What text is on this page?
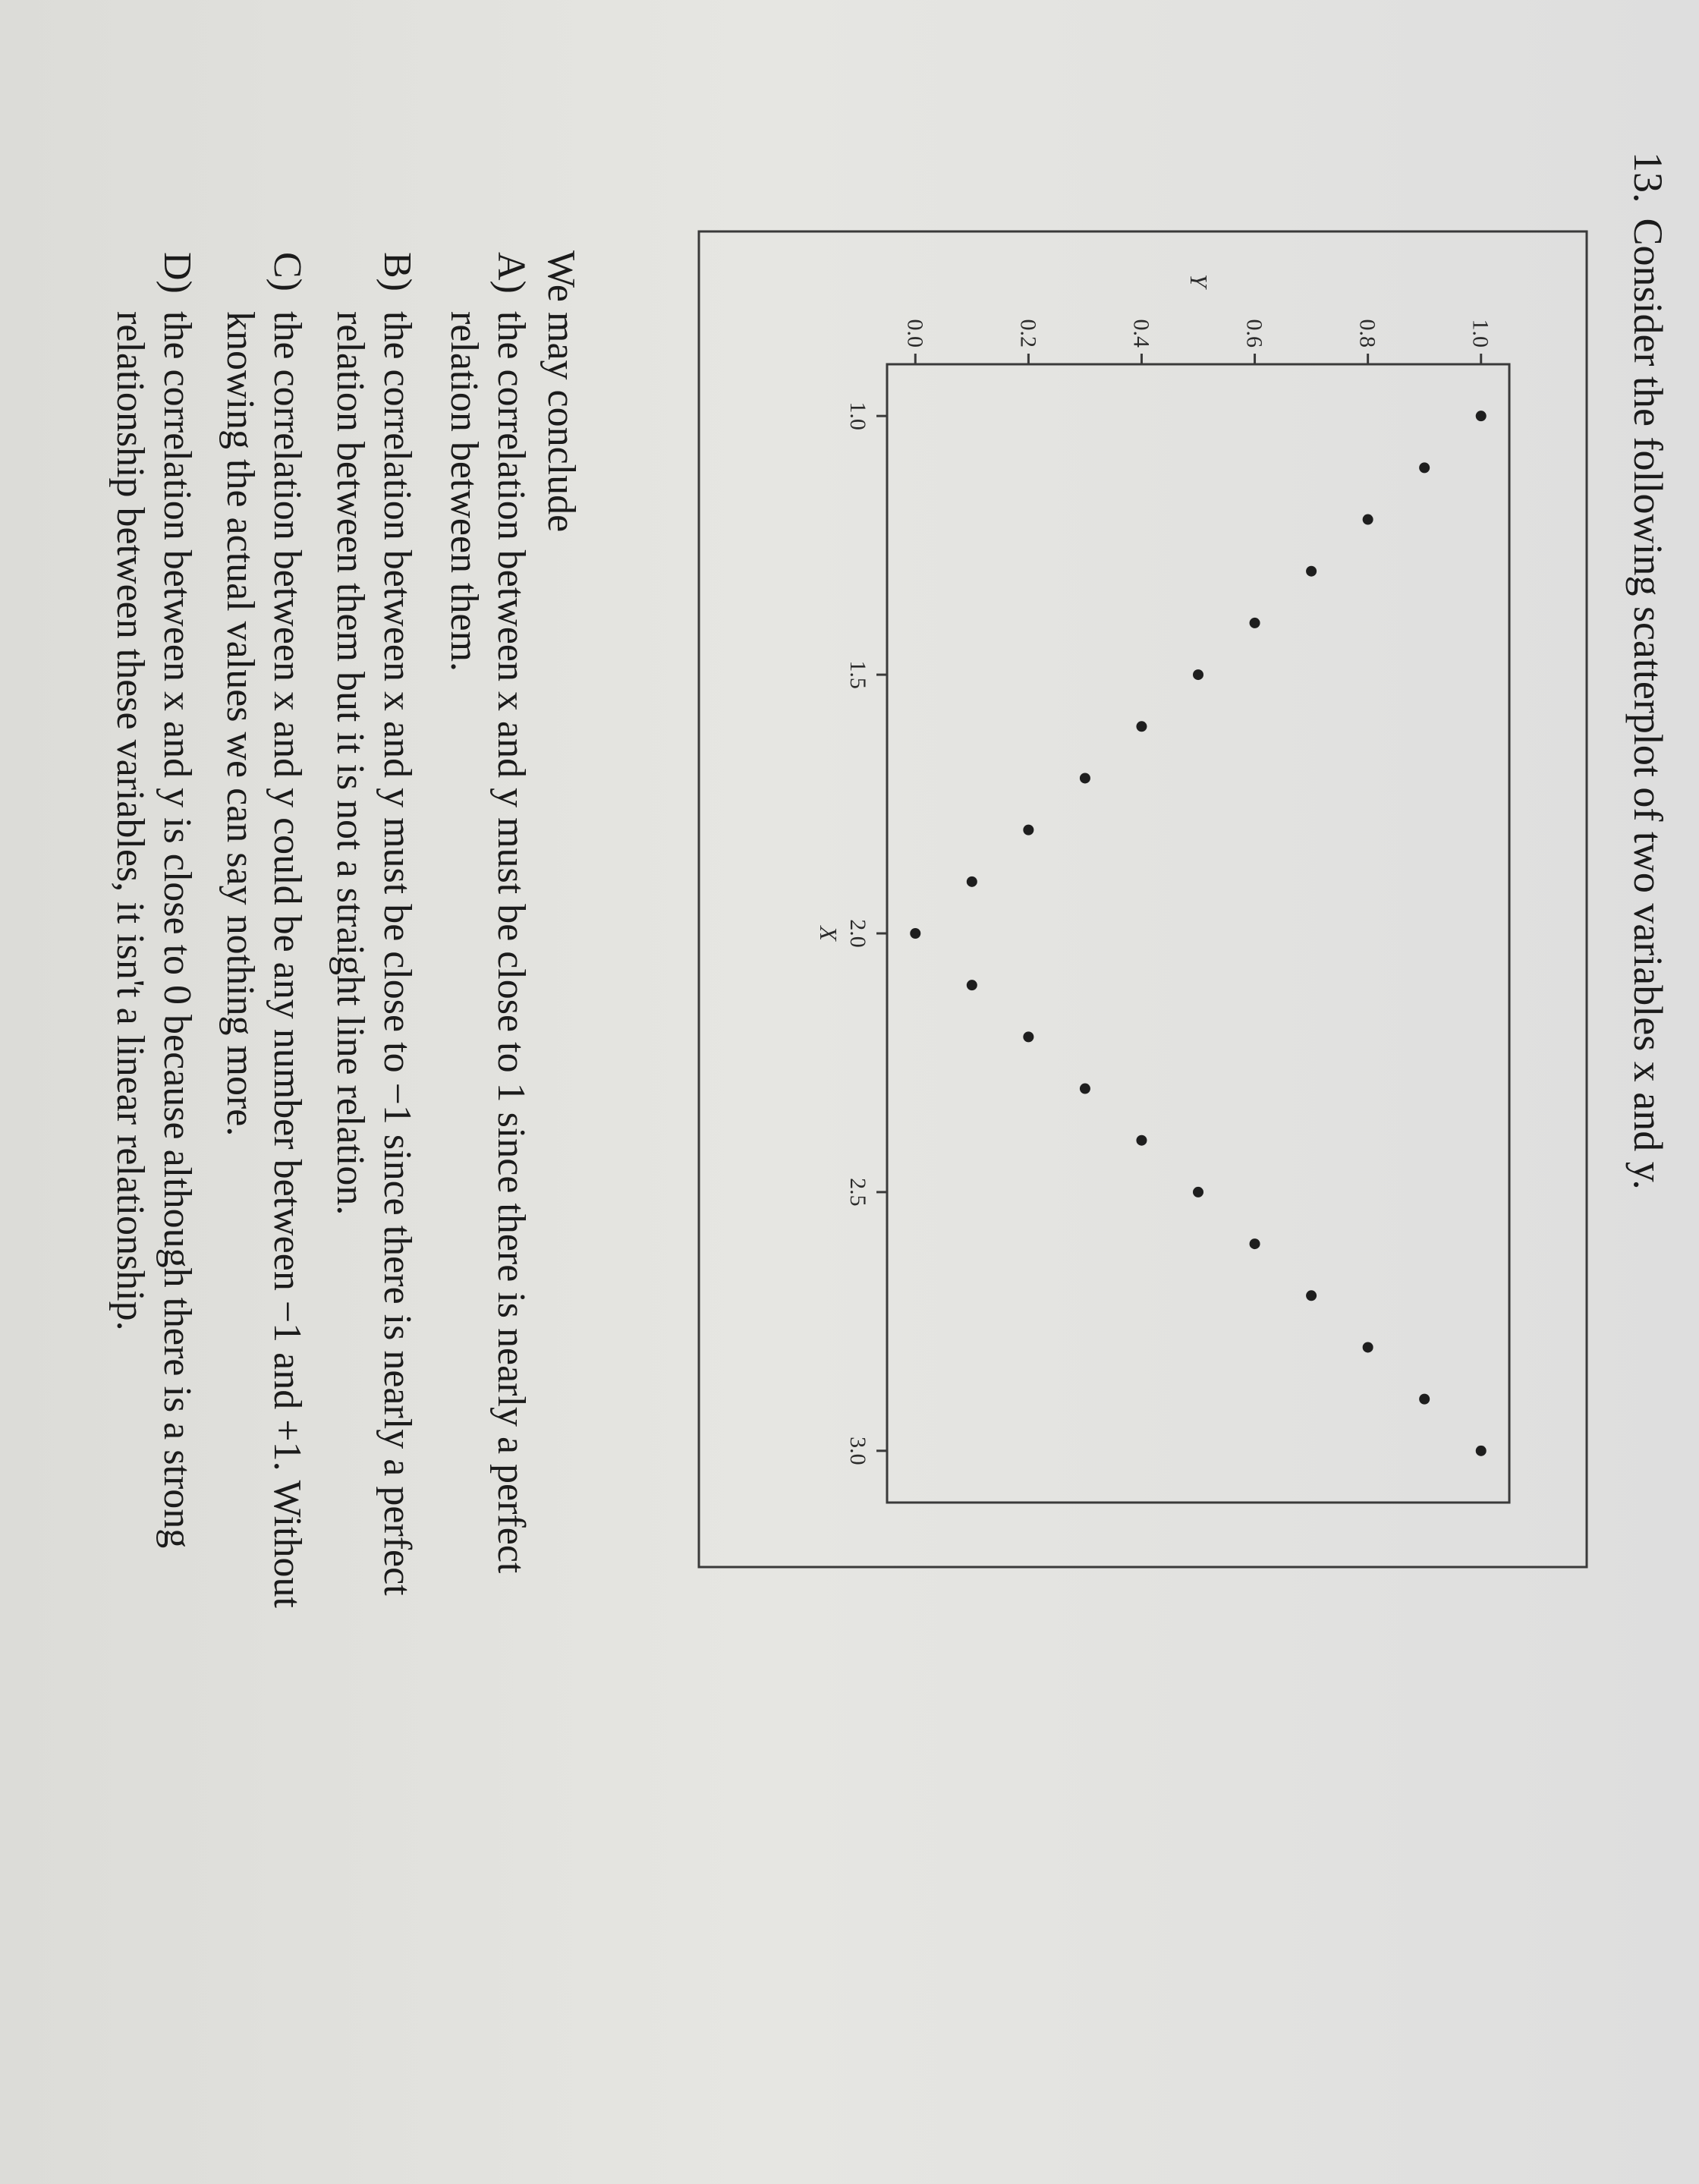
13.Consider the following scatterplot of two variables x and y.
0.0	0.2	0.4	0.6	0.8	1.0
1.0
1.5
2.0
2.5
3.0
X
Y
We may conclude
A)
the correlation between x and y must be close to 1 since there is nearly a perfect
relation between them.
B)
the correlation between x and y must be close to −1 since there is nearly a perfect
relation between them but it is not a straight line relation.
C)
the correlation between x and y could be any number between −1 and +1. Without
knowing the actual values we can say nothing more.
D)
the correlation between x and y is close to 0 because although there is a strong
relationship between these variables, it isn't a linear relationship.
